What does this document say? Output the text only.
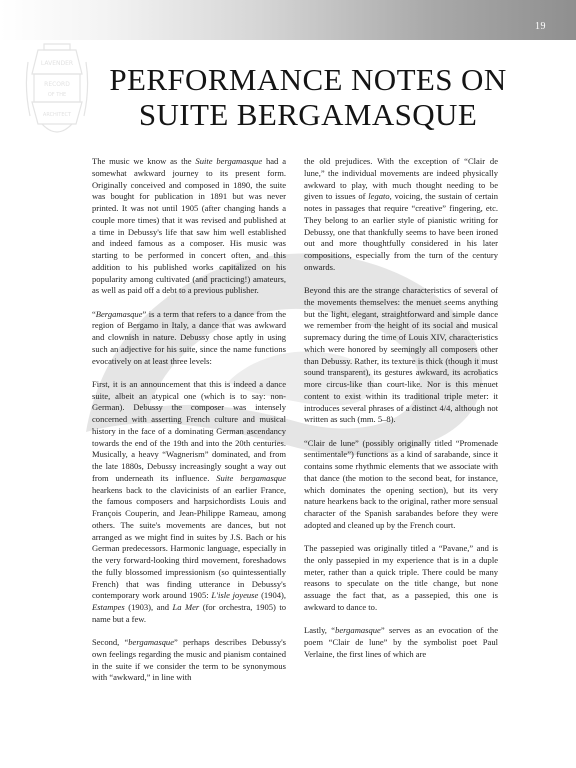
19
LAVENDER
RECORD
OF THE
ARCHITECT
PERFORMANCE NOTES ON
SUITE BERGAMASQUE

The music we know as the Suite bergamasque had a somewhat awkward journey to its present form. Originally conceived and composed in 1890, the suite was bought for publication in 1891 but was never printed. It was not until 1905 (after changing hands a couple more times) that it was revised and published at a time in Debussy's life that saw him well established and indeed famous as a composer. His music was starting to be performed in concert often, and this addition to his published works capitalized on his popularity among cultivated (and practicing!) amateurs, as well as paid off a debt to a previous publisher.

“Bergamasque” is a term that refers to a dance from the region of Bergamo in Italy, a dance that was awkward and clownish in nature. Debussy chose aptly in using such an adjective for his suite, since the name functions evocatively on at least three levels:

First, it is an announcement that this is indeed a dance suite, albeit an atypical one (which is to say: non-German). Debussy the composer was intensely concerned with asserting French culture and musical history in the face of a dominating German ascendancy towards the end of the 19th and into the 20th centuries. Musically, a heavy “Wagnerism” dominated, and from the late 1880s, Debussy increasingly sought a way out from underneath its influence. Suite bergamasque hearkens back to the clavicinists of an earlier France, the famous composers and harpsichordists Louis and François Couperin, and Jean-Philippe Rameau, among others. The suite's movements are dances, but not arranged as we might find in suites by J.S. Bach or his German predecessors. Harmonic language, especially in the very forward-looking third movement, foreshadows the fully blossomed impressionism (so quintessentially French) that was finding utterance in Debussy's contemporary work around 1905: L'isle joyeuse (1904), Estampes (1903), and La Mer (for orchestra, 1905) to name but a few.

Second, “bergamasque” perhaps describes Debussy's own feelings regarding the music and pianism contained in the suite if we consider the term to be synonymous with “awkward,” in line with

the old prejudices. With the exception of “Clair de lune,” the individual movements are indeed physically awkward to play, with much thought needing to be given to issues of legato, voicing, the sustain of certain notes in passages that require “creative” fingering, etc. They belong to an earlier style of pianistic writing for Debussy, one that thankfully seems to have been ironed out and more thoughtfully considered in his later compositions, especially from the turn of the century onwards.

Beyond this are the strange characteristics of several of the movements themselves: the menuet seems anything but the light, elegant, straightforward and simple dance we remember from the height of its social and musical supremacy during the time of Louis XIV, characteristics which were honored by seemingly all composers other than Debussy. Rather, its texture is thick (though it must sound transparent), its gestures awkward, its acrobatics more circus-like than court-like. Nor is this menuet content to exist within its traditional triple meter: it introduces several phrases of a distinct 4/4, although not written as such (mm. 5–8).

“Clair de lune” (possibly originally titled “Promenade sentimentale”) functions as a kind of sarabande, since it contains some rhythmic elements that we associate with that dance (the motion to the second beat, for instance, which dominates the opening section), but its very nature hearkens back to the original, rather more sensual character of the Spanish sarabandes before they were adopted and cleaned up by the French court.

The passepied was originally titled a “Pavane,” and is the only passepied in my experience that is in a duple meter, rather than a quick triple. There could be many reasons to speculate on the title change, but none assuage the fact that, as a passepied, this one is awkward to dance to.

Lastly, “bergamasque” serves as an evocation of the poem “Clair de lune” by the symbolist poet Paul Verlaine, the first lines of which are
